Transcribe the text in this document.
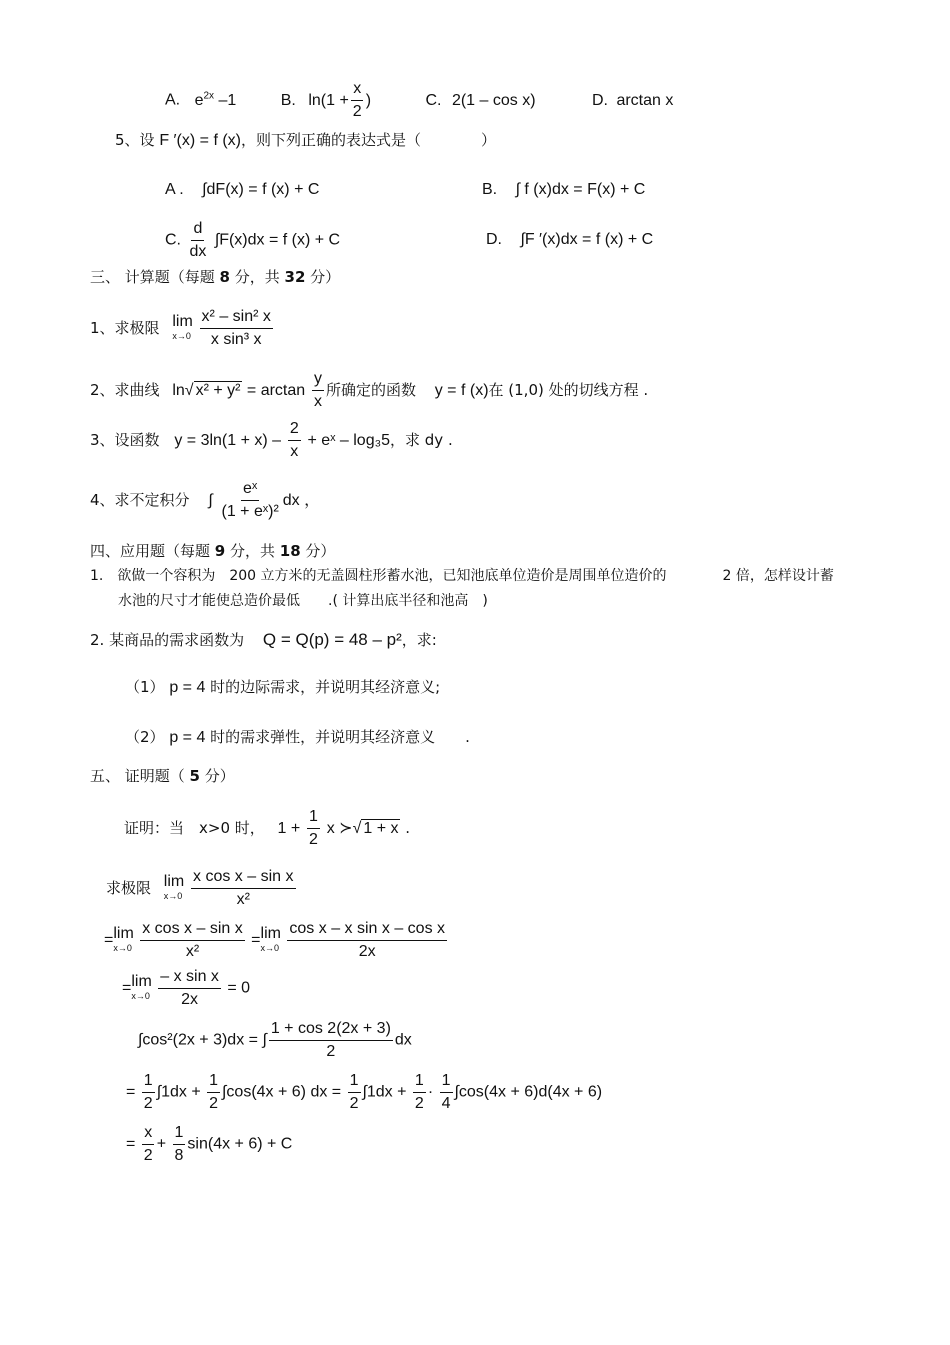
A. $e^{2x}$ –1	B. $\ln(1 + \frac{x}{2}$ )	C. 2(1 – cos x)	D. arctan x
5、设 F ′(x) = f (x)，则下列正确的表达式是（　　　　）
A . ∫dF(x) = f (x) + C	B. ∫ f (x)dx = F(x) + C
C. $\frac{d}{dx} \int F(x)dx = f$ (x) + C	D. ∫F ′(x)dx = f (x) + C
三、 计算题（每题 8 分，共 32 分）
1、求极限 lim
x→0
$\frac{\text{x² – sin² x}}{\text{x sin³ x}}$
2、求曲线 ln√ $x^2 + y^2 = \arctan \frac{y}{x}$ 所确定的函数 y = f (x)在 (1,0) 处的切线方程 .
3、设函数 $y = 3\ln(1 + x) - \frac{2}{x}$ + eˣ – log₃5，求 dy .
4、求不定积分 ∫ $\frac{\text{eˣ}}{\text{(1 + eˣ)²}}$ dx ，
四、应用题（每题 9 分，共 18 分）
1.　欲做一个容积为　200 立方米的无盖圆柱形蓄水池，已知池底单位造价是周围单位造价的　　　　2 倍，怎样设计蓄
水池的尺寸才能使总造价最低　　.( 计算出底半径和池高　)
2. 某商品的需求函数为 Q = Q(p) = 48 – p²，求:
（1） p = 4 时的边际需求，并说明其经济意义;
（2） p = 4 时的需求弹性，并说明其经济意义　　.
五、 证明题（ 5 分）
证明：当　x>0 时， $1 + \frac{1}{2}$ x ≻√ 1 + x .
求极限 lim
x→0
$\frac{\text{x cos x – sin x}}{\text{x²}}$
= lim
x→0
$\frac{\text{x cos x – sin x}}{\text{x²}} = \lim$
x→0
$\frac{\text{cos x – x sin x – cos x}}{2x}$
= lim
x→0
$\frac{\text{– x sin x}}{2x} = 0$
∫cos²(2x + 3)dx = ∫ $\frac{1 + \cos 2(2x + 3)}{2}$ dx
= $\frac{1}{2} \int 1dx + \frac{1}{2} \int\cos(4x + 6)$ dx = $\frac{1}{2} \int 1dx + \frac{1}{2} \cdot \frac{1}{4} \int\cos(4x + 6)d(4x + 6)$
= $\frac{x}{2} + \frac{1}{8} \sin(4x + 6) + C$
